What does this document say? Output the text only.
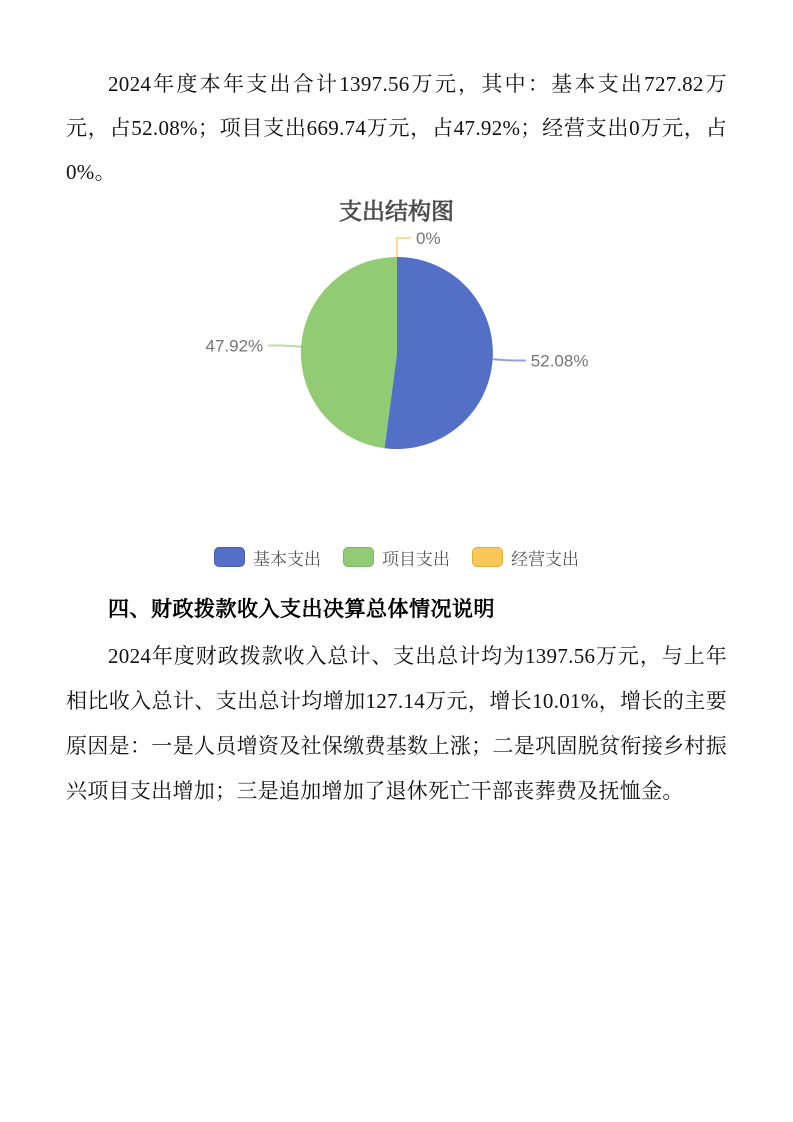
2024年度本年支出合计1397.56万元，其中：基本支出727.82万元，占52.08%；项目支出669.74万元，占47.92%；经营支出0万元，占0%。

支出结构图
52.08%
47.92%
0%
基本支出	项目支出	经营支出
四、财政拨款收入支出决算总体情况说明

2024年度财政拨款收入总计、支出总计均为1397.56万元，与上年相比收入总计、支出总计均增加127.14万元，增长10.01%，增长的主要原因是：一是人员增资及社保缴费基数上涨；二是巩固脱贫衔接乡村振兴项目支出增加；三是追加增加了退休死亡干部丧葬费及抚恤金。
